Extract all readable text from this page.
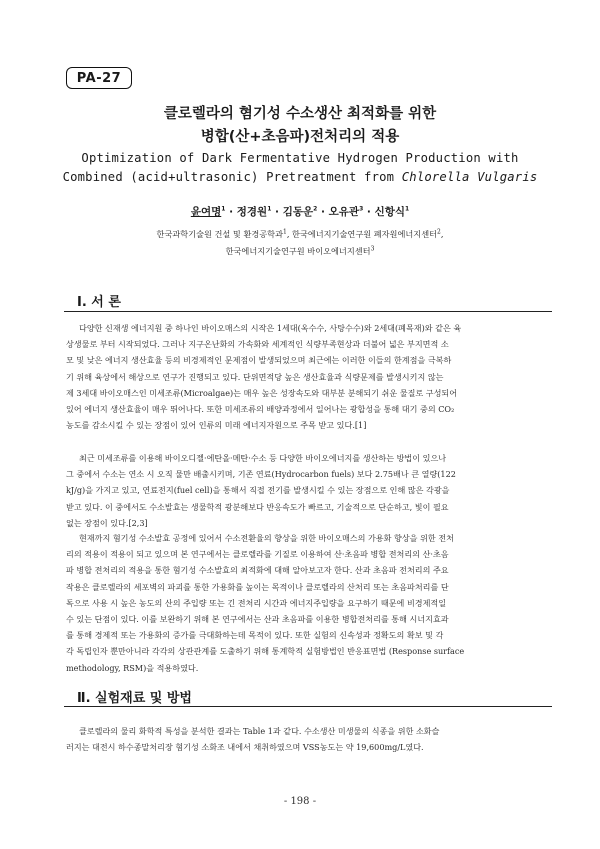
PA-27
클로렐라의 혐기성 수소생산 최적화를 위한
병합(산+초음파)전처리의 적용
Optimization of Dark Fermentative Hydrogen Production with
Combined (acid+ultrasonic) Pretreatment from Chlorella Vulgaris
윤여명$^1$ · 정경원$^1$ · 김동운$^2$ · 오유관$^3$ · 신항식$^1$
한국과학기술원 건설 및 환경공학과$^1$, 한국에너지기술연구원 폐자원에너지센터$^2$,
한국에너지기술연구원 바이오에너지센터$^3$
Ⅰ. 서 론
다양한 신재생 에너지원 중 하나인 바이오매스의 시작은 1세대(옥수수, 사탕수수)와 2세대(폐목재)와 같은 육
상생물로 부터 시작되었다. 그러나 지구온난화의 가속화와 세계적인 식량부족현상과 더불어 넓은 부지면적 소
모 및 낮은 에너지 생산효율 등의 비경제적인 문제점이 발생되었으며 최근에는 이러한 이들의 한계점을 극복하
기 위해 육상에서 해상으로 연구가 진행되고 있다. 단위면적당 높은 생산효율과 식량문제를 발생시키지 않는
제 3세대 바이오매스인 미세조류(Microalgae)는 매우 높은 성장속도와 대부분 분해되기 쉬운 물질로 구성되어
있어 에너지 생산효율이 매우 뛰어나다. 또한 미세조류의 배양과정에서 일어나는 광합성을 통해 대기 중의 CO₂
농도를 감소시킬 수 있는 장점이 있어 인류의 미래 에너지자원으로 주목 받고 있다.[1]
최근 미세조류를 이용해 바이오디젤·에탄올·메탄·수소 등 다양한 바이오에너지를 생산하는 방법이 있으나
그 중에서 수소는 연소 시 오직 물만 배출시키며, 기존 연료(Hydrocarbon fuels) 보다 2.75배나 큰 열량(122
kJ/g)을 가지고 있고, 연료전지(fuel cell)을 통해서 직접 전기를 발생시킬 수 있는 장점으로 인해 많은 각광을
받고 있다. 이 중에서도 수소발효는 생물학적 광분해보다 반응속도가 빠르고, 기술적으로 단순하고, 빛이 필요
없는 장점이 있다.[2,3]
현재까지 혐기성 수소발효 공정에 있어서 수소전환율의 향상을 위한 바이오매스의 가용화 향상을 위한 전처
리의 적용이 적용이 되고 있으며 본 연구에서는 클로렐라를 기질로 이용하여 산·초음파 병합 전처리의 산·초음
파 병합 전처리의 적용을 통한 혐기성 수소발효의 최적화에 대해 알아보고자 한다. 산과 초음파 전처리의 주요
작용은 클로렐라의 세포벽의 파괴를 통한 가용화를 높이는 목적이나 클로렐라의 산처리 또는 초음파처리를 단
독으로 사용 시 높은 농도의 산의 주입량 또는 긴 전처리 시간과 에너지주입량을 요구하기 때문에 비경제적일
수 있는 단점이 있다. 이를 보완하기 위해 본 연구에서는 산과 초음파를 이용한 병합전처리를 통해 시너지효과
를 통해 경제적 또는 가용화의 증가를 극대화하는데 목적이 있다. 또한 실험의 신속성과 정확도의 확보 및 각
각 독립인자 뿐만아니라 각각의 상관관계를 도출하기 위해 통계학적 실험방법인 반응표면법 (Response surface
methodology, RSM)을 적용하였다.
Ⅱ. 실험재료 및 방법
클로렐라의 물리 화학적 특성을 분석한 결과는 Table 1과 같다. 수소생산 미생물의 식종을 위한 소화슬
러지는 대전시 하수종말처리장 혐기성 소화조 내에서 채취하였으며 VSS농도는 약 19,600mg/L였다.
- 198 -
